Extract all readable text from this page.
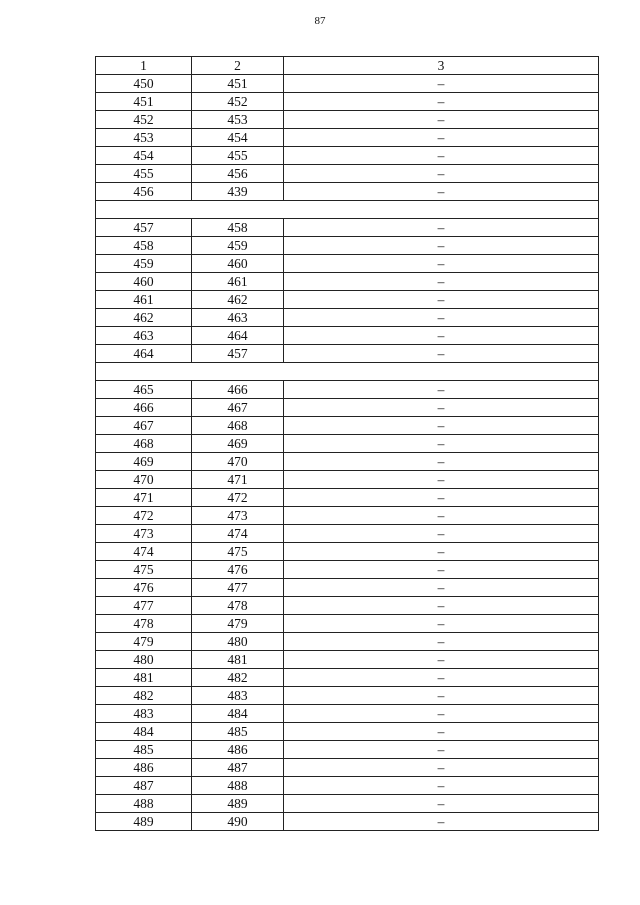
87
1	2	3
450	451	–
451	452	–
452	453	–
453	454	–
454	455	–
455	456	–
456	439	–

457	458	–
458	459	–
459	460	–
460	461	–
461	462	–
462	463	–
463	464	–
464	457	–

465	466	–
466	467	–
467	468	–
468	469	–
469	470	–
470	471	–
471	472	–
472	473	–
473	474	–
474	475	–
475	476	–
476	477	–
477	478	–
478	479	–
479	480	–
480	481	–
481	482	–
482	483	–
483	484	–
484	485	–
485	486	–
486	487	–
487	488	–
488	489	–
489	490	–
